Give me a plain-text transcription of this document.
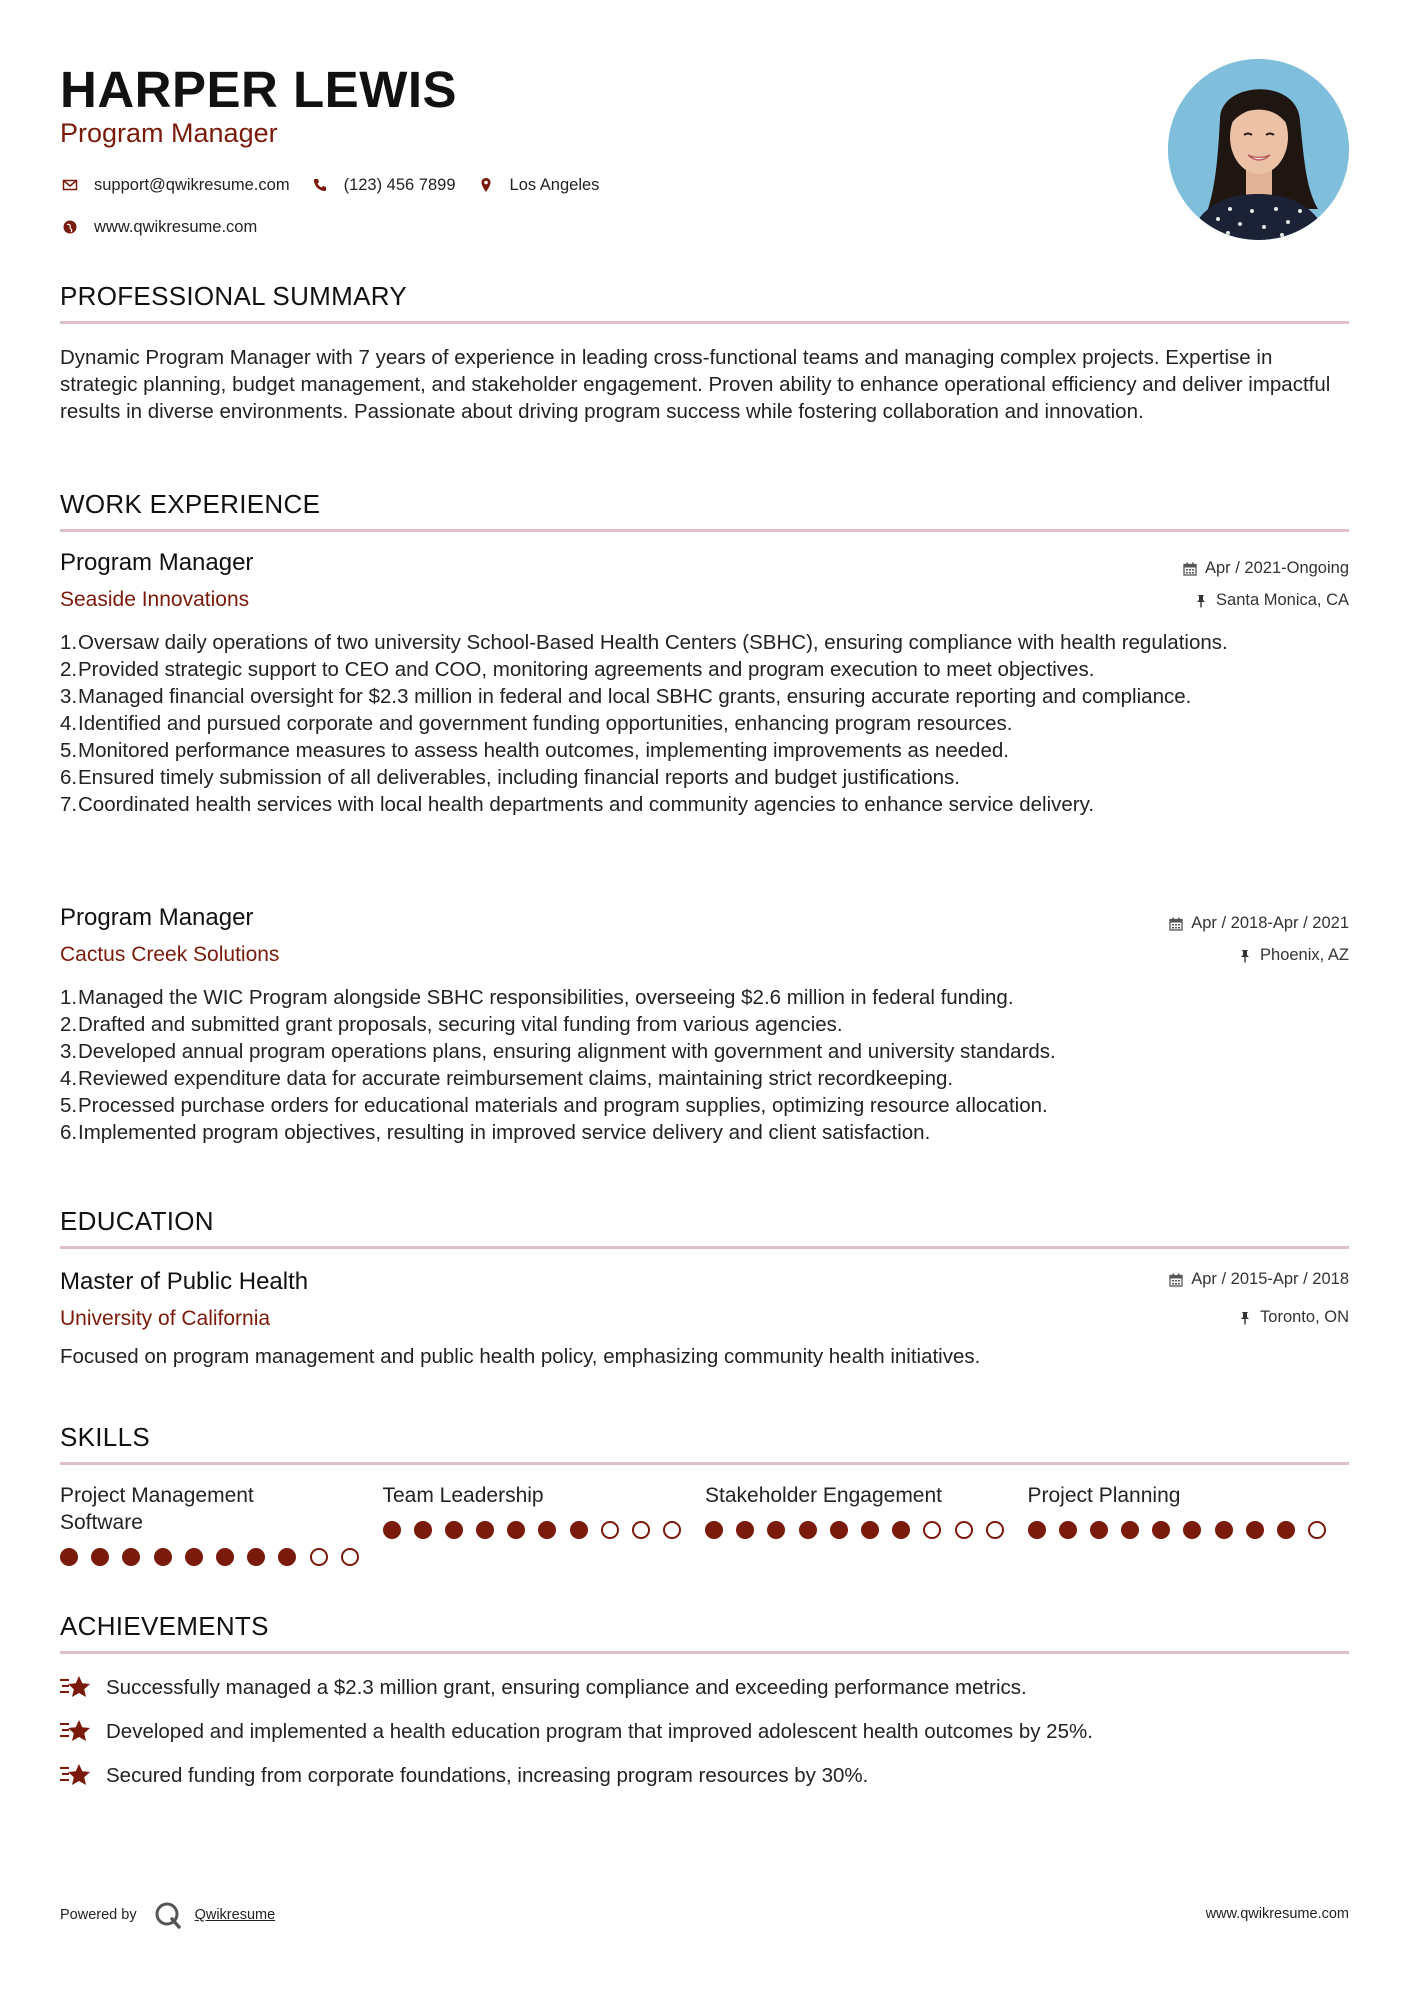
HARPER LEWIS
Program Manager
support@qwikresume.com	(123) 456 7899	Los Angeles
www.qwikresume.com
PROFESSIONAL SUMMARY
Dynamic Program Manager with 7 years of experience in leading cross-functional teams and managing complex projects. Expertise in strategic planning, budget management, and stakeholder engagement. Proven ability to enhance operational efficiency and deliver impactful results in diverse environments. Passionate about driving program success while fostering collaboration and innovation.
WORK EXPERIENCE
Program Manager
Seaside Innovations
Apr / 2021-Ongoing
Santa Monica, CA
1. Oversaw daily operations of two university School-Based Health Centers (SBHC), ensuring compliance with health regulations.
2. Provided strategic support to CEO and COO, monitoring agreements and program execution to meet objectives.
3. Managed financial oversight for $2.3 million in federal and local SBHC grants, ensuring accurate reporting and compliance.
4. Identified and pursued corporate and government funding opportunities, enhancing program resources.
5. Monitored performance measures to assess health outcomes, implementing improvements as needed.
6. Ensured timely submission of all deliverables, including financial reports and budget justifications.
7. Coordinated health services with local health departments and community agencies to enhance service delivery.
Program Manager
Cactus Creek Solutions
Apr / 2018-Apr / 2021
Phoenix, AZ
1. Managed the WIC Program alongside SBHC responsibilities, overseeing $2.6 million in federal funding.
2. Drafted and submitted grant proposals, securing vital funding from various agencies.
3. Developed annual program operations plans, ensuring alignment with government and university standards.
4. Reviewed expenditure data for accurate reimbursement claims, maintaining strict recordkeeping.
5. Processed purchase orders for educational materials and program supplies, optimizing resource allocation.
6. Implemented program objectives, resulting in improved service delivery and client satisfaction.
EDUCATION
Master of Public Health
University of California
Apr / 2015-Apr / 2018
Toronto, ON
Focused on program management and public health policy, emphasizing community health initiatives.
SKILLS
Project Management Software
Team Leadership	Stakeholder Engagement	Project Planning
ACHIEVEMENTS
Successfully managed a $2.3 million grant, ensuring compliance and exceeding performance metrics.
Developed and implemented a health education program that improved adolescent health outcomes by 25%.
Secured funding from corporate foundations, increasing program resources by 30%.
Powered by	Qwikresume	www.qwikresume.com
